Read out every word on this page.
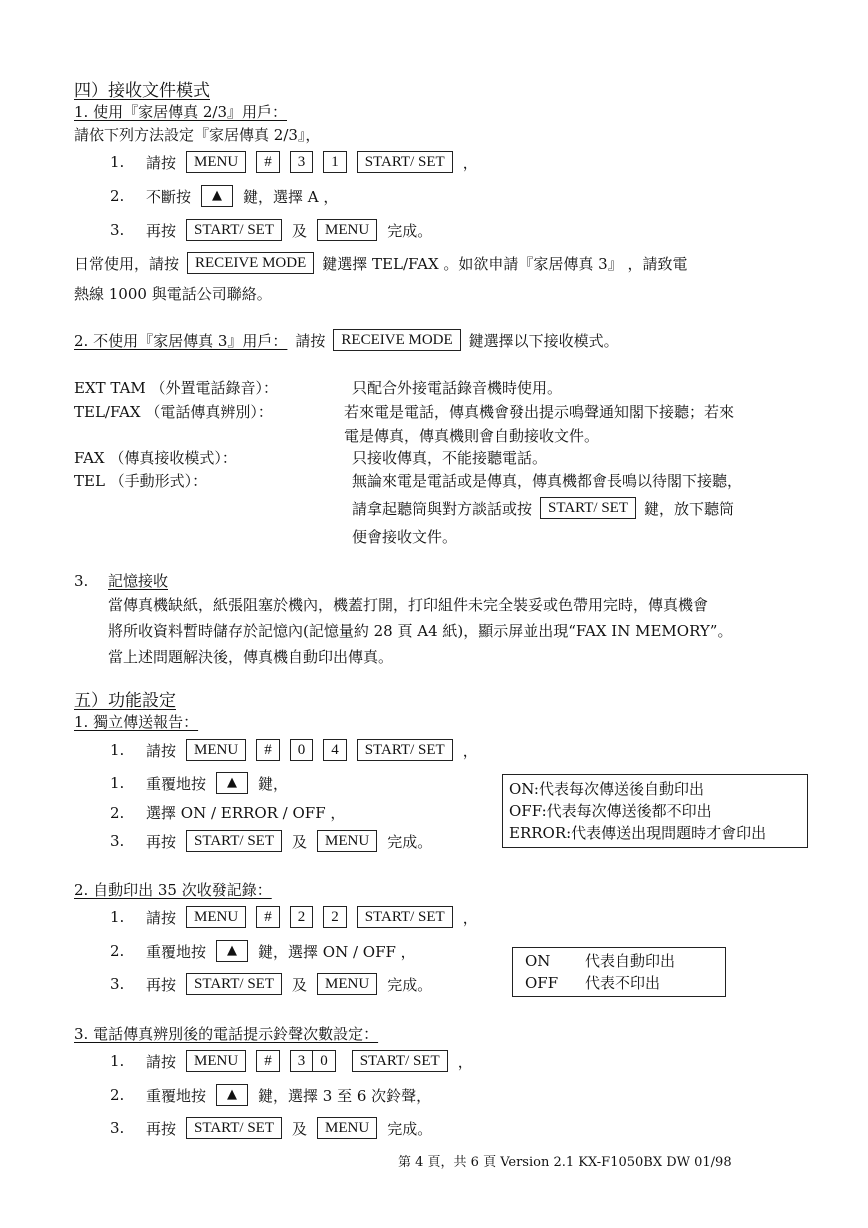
四）接收文件模式
1. 使用『家居傳真 2/3』用戶：
請依下列方法設定『家居傳真 2/3』，
1.	請按	MENU	#	3	1	START/ SET	，
2.	不斷按	▲	鍵，選擇 A ，
3.	再按	START/ SET	及	MENU	完成。
日常使用，請按	RECEIVE MODE	鍵選擇 TEL/FAX 。如欲申請『家居傳真 3』 ，請致電
熱線 1000 與電話公司聯絡。
2. 不使用『家居傳真 3』用戶： 請按	RECEIVE MODE	鍵選擇以下接收模式。
EXT TAM （外置電話錄音）：	只配合外接電話錄音機時使用。
TEL/FAX （電話傳真辨別）：	若來電是電話，傳真機會發出提示鳴聲通知閣下接聽；若來
電是傳真，傳真機則會自動接收文件。
FAX （傳真接收模式）：	只接收傳真，不能接聽電話。
TEL （手動形式）：	無論來電是電話或是傳真，傳真機都會長鳴以待閣下接聽，
請拿起聽筒與對方談話或按	START/ SET	鍵，放下聽筒
便會接收文件。
3. 記憶接收
當傳真機缺紙，紙張阻塞於機內，機蓋打開，打印組件未完全裝妥或色帶用完時，傳真機會
將所收資料暫時儲存於記憶內(記憶量約 28 頁 A4 紙)，顯示屏並出現“FAX IN MEMORY”。
當上述問題解決後，傳真機自動印出傳真。
五）功能設定
1. 獨立傳送報告：
1.	請按	MENU	#	0	4	START/ SET	，
1.	重覆地按	▲	鍵，
2.	選擇 ON / ERROR / OFF ，
3.	再按	START/ SET	及	MENU	完成。
ON:代表每次傳送後自動印出
OFF:代表每次傳送後都不印出
ERROR:代表傳送出現問題時才會印出
2. 自動印出 35 次收發記錄：
1.	請按	MENU	#	2	2	START/ SET	，
2.	重覆地按	▲	鍵，選擇 ON / OFF ，
3.	再按	START/ SET	及	MENU	完成。
ON 代表自動印出
OFF 代表不印出
3. 電話傳真辨別後的電話提示鈴聲次數設定：
1.	請按	MENU	#	3	0	START/ SET	，
2.	重覆地按	▲	鍵，選擇 3 至 6 次鈴聲，
3.	再按	START/ SET	及	MENU	完成。
第 4 頁，共 6 頁 Version 2.1 KX-F1050BX DW 01/98
